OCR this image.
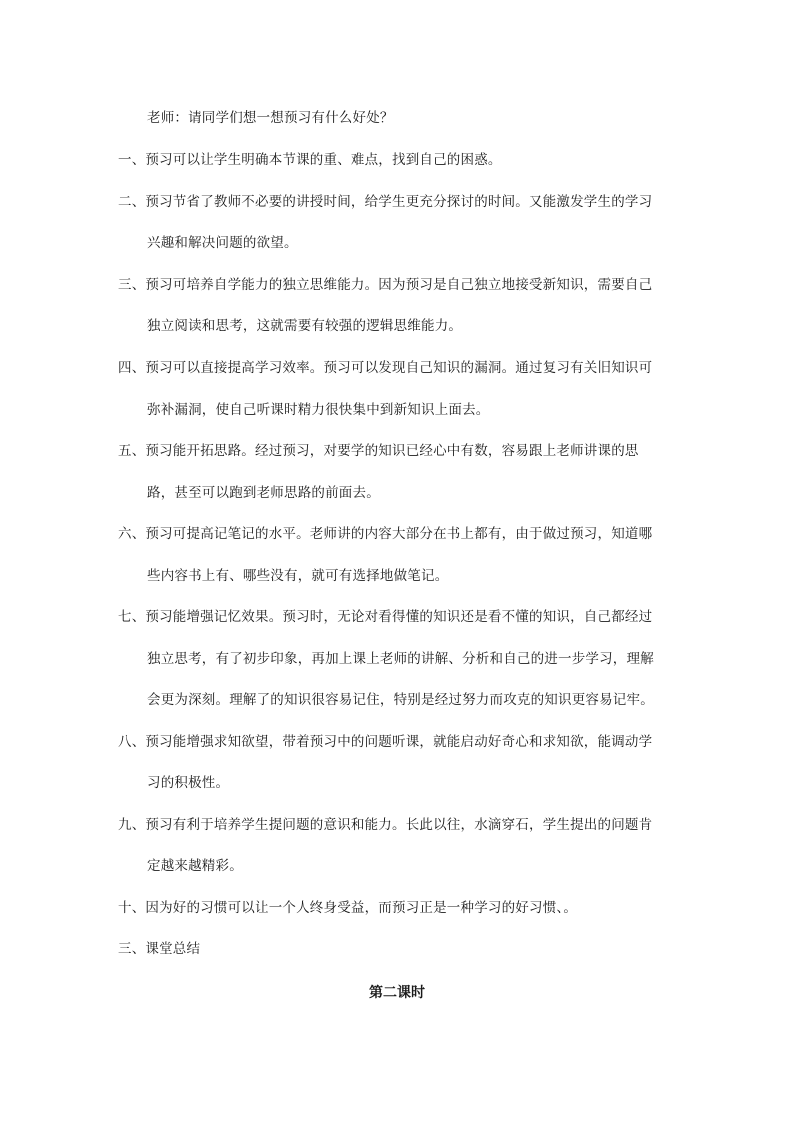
老师：请同学们想一想预习有什么好处？
一、预习可以让学生明确本节课的重、难点，找到自己的困惑。
二、预习节省了教师不必要的讲授时间，给学生更充分探讨的时间。又能激发学生的学习
兴趣和解决问题的欲望。
三、预习可培养自学能力的独立思维能力。因为预习是自己独立地接受新知识，需要自己
独立阅读和思考，这就需要有较强的逻辑思维能力。
四、预习可以直接提高学习效率。预习可以发现自己知识的漏洞。通过复习有关旧知识可
弥补漏洞，使自己听课时精力很快集中到新知识上面去。
五、预习能开拓思路。经过预习，对要学的知识已经心中有数，容易跟上老师讲课的思
路，甚至可以跑到老师思路的前面去。
六、预习可提高记笔记的水平。老师讲的内容大部分在书上都有，由于做过预习，知道哪
些内容书上有、哪些没有，就可有选择地做笔记。
七、预习能增强记忆效果。预习时，无论对看得懂的知识还是看不懂的知识，自己都经过
独立思考，有了初步印象，再加上课上老师的讲解、分析和自己的进一步学习，理解
会更为深刻。理解了的知识很容易记住，特别是经过努力而攻克的知识更容易记牢。
八、预习能增强求知欲望，带着预习中的问题听课，就能启动好奇心和求知欲，能调动学
习的积极性。
九、预习有利于培养学生提问题的意识和能力。长此以往，水滴穿石，学生提出的问题肯
定越来越精彩。
十、因为好的习惯可以让一个人终身受益，而预习正是一种学习的好习惯、。
三、课堂总结
第二课时
